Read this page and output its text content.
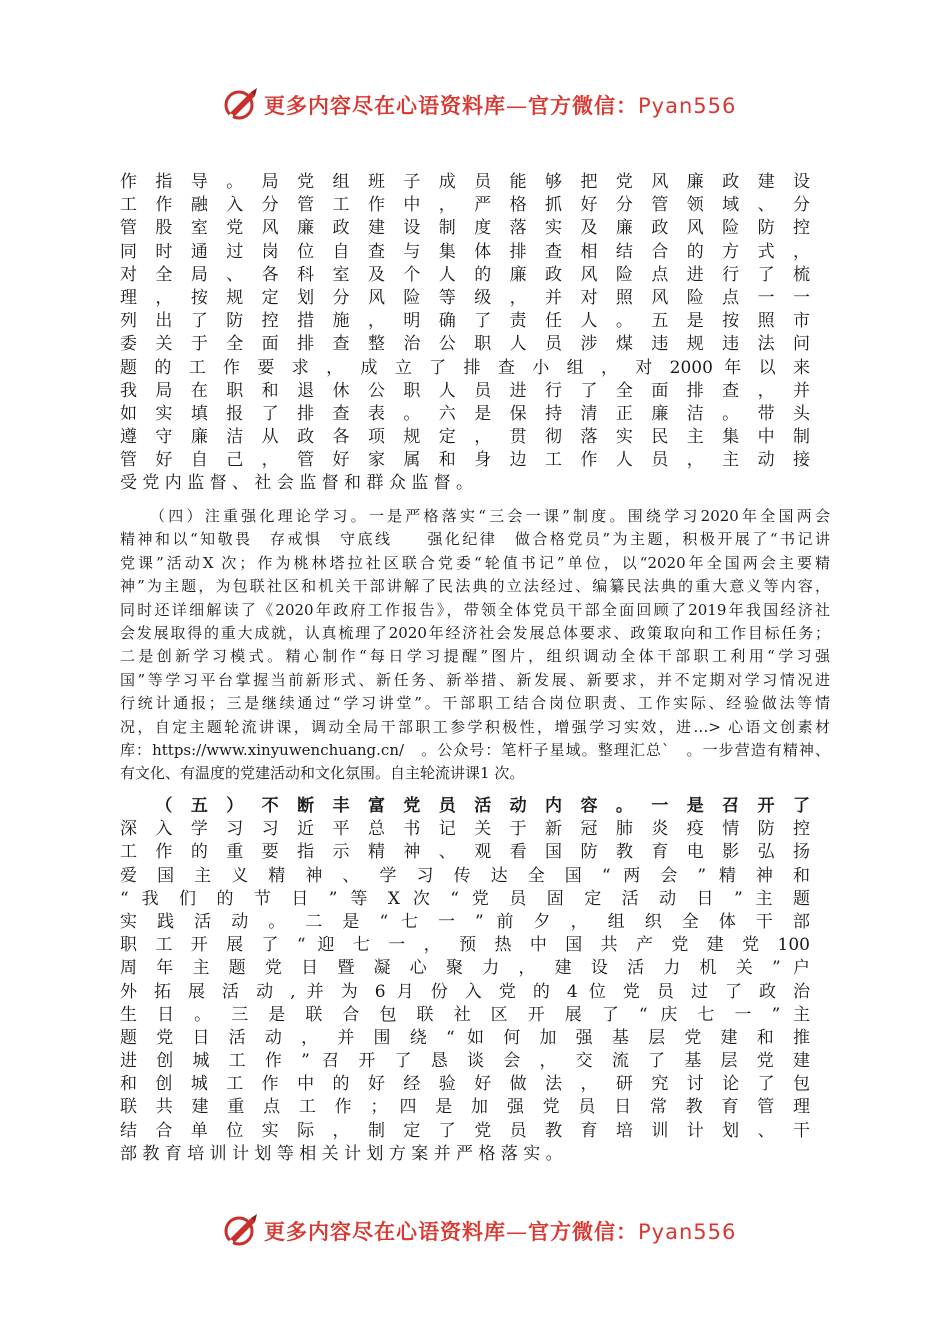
更多内容尽在心语资料库—官方微信：Pyan556
作 指 导 。 局 党 组 班 子 成 员 能 够 把 党 风 廉 政 建 设
工 作 融 入 分 管 工 作 中 ， 严 格 抓 好 分 管 领 域 、 分
管 股 室 党 风 廉 政 建 设 制 度 落 实 及 廉 政 风 险 防 控
同 时 通 过 岗 位 自 查 与 集 体 排 查 相 结 合 的 方 式 ，
对 全 局 、 各 科 室 及 个 人 的 廉 政 风 险 点 进 行 了 梳
理 ， 按 规 定 划 分 风 险 等 级 ， 并 对 照 风 险 点 一 一
列 出 了 防 控 措 施 ， 明 确 了 责 任 人 。 五 是 按 照 市
委 关 于 全 面 排 查 整 治 公 职 人 员 涉 煤 违 规 违 法 问
题 的 工 作 要 求 ， 成 立 了 排 查 小 组 ， 对 2000 年 以 来
我 局 在 职 和 退 休 公 职 人 员 进 行 了 全 面 排 查 ， 并
如 实 填 报 了 排 查 表 。 六 是 保 持 清 正 廉 洁 。 带 头
遵 守 廉 洁 从 政 各 项 规 定 ， 贯 彻 落 实 民 主 集 中 制
管 好 自 己 ， 管 好 家 属 和 身 边 工 作 人 员 ， 主 动 接
受 党 内 监 督 、 社 会 监 督 和 群 众 监 督 。
（四）注重强化理论学习。一是严格落实“三会一课”制度。围绕学习2020年全国两会
精神和以“知敬畏　存戒惧　守底线　　强化纪律　做合格党员”为主题，积极开展了“书记讲
党课”活动X 次；作为桃林塔拉社区联合党委“轮值书记”单位，以“2020年全国两会主要精
神”为主题，为包联社区和机关干部讲解了民法典的立法经过、编纂民法典的重大意义等内容，
同时还详细解读了《2020年政府工作报告》，带领全体党员干部全面回顾了2019年我国经济社
会发展取得的重大成就，认真梳理了2020年经济社会发展总体要求、政策取向和工作目标任务；
二是创新学习模式。精心制作“每日学习提醒”图片，组织调动全体干部职工利用“学习强
国”等学习平台掌握当前新形式、新任务、新举措、新发展、新要求，并不定期对学习情况进
行统计通报；三是继续通过“学习讲堂”。干部职工结合岗位职责、工作实际、经验做法等情
况，自定主题轮流讲课，调动全局干部职工参学积极性，增强学习实效，进…> 心语文创素材
库：https://www.xinyuwenchuang.cn/　。公众号：笔杆子星域。整理汇总`　。一步营造有精神、
有文化、有温度的党建活动和文化氛围。自主轮流讲课1 次。
　 （ 五 ） 不 断 丰 富 党 员 活 动 内 容 。 一 是 召 开 了
深 入 学 习 习 近 平 总 书 记 关 于 新 冠 肺 炎 疫 情 防 控
工 作 的 重 要 指 示 精 神 、 观 看 国 防 教 育 电 影 弘 扬
爱 国 主 义 精 神 、 学 习 传 达 全 国 “ 两 会 ” 精 神 和
“ 我 们 的 节 日 ” 等 X 次 “ 党 员 固 定 活 动 日 ” 主 题
实 践 活 动 。 二 是 “ 七 一 ” 前 夕 ， 组 织 全 体 干 部
职 工 开 展 了 “ 迎 七 一 ， 预 热 中 国 共 产 党 建 党 100
周 年 主 题 党 日 暨 凝 心 聚 力 ， 建 设 活 力 机 关 ” 户
外 拓 展 活 动 , 并 为 6 月 份 入 党 的 4 位 党 员 过 了 政 治
生 日 。 三 是 联 合 包 联 社 区 开 展 了 “ 庆 七 一 ” 主
题 党 日 活 动 ， 并 围 绕 “ 如 何 加 强 基 层 党 建 和 推
进 创 城 工 作 ” 召 开 了 恳 谈 会 ， 交 流 了 基 层 党 建
和 创 城 工 作 中 的 好 经 验 好 做 法 ， 研 究 讨 论 了 包
联 共 建 重 点 工 作 ； 四 是 加 强 党 员 日 常 教 育 管 理
结 合 单 位 实 际 ， 制 定 了 党 员 教 育 培 训 计 划 、 干
部 教 育 培 训 计 划 等 相 关 计 划 方 案 并 严 格 落 实 。
更多内容尽在心语资料库—官方微信：Pyan556
